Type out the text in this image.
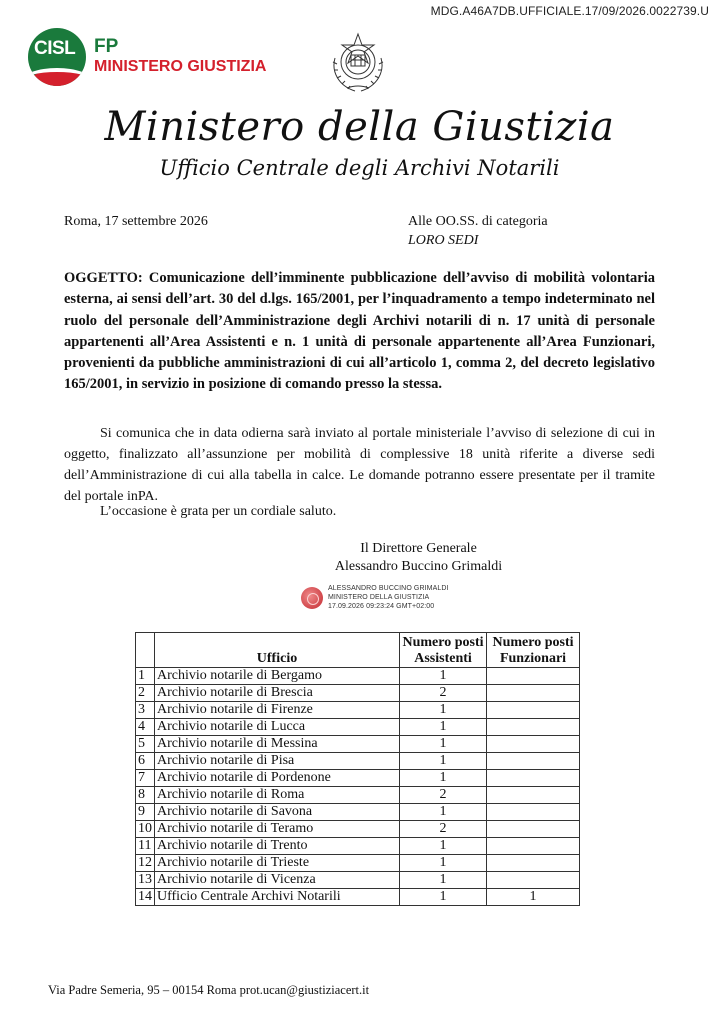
MDG.A46A7DB.UFFICIALE.17/09/2026.0022739.U
CISL FP
MINISTERO GIUSTIZIA
Ministero della Giustizia
Ufficio Centrale degli Archivi Notarili
Roma, 17 settembre 2026	Alle OO.SS. di categoria
LORO SEDI
OGGETTO: Comunicazione dell’imminente pubblicazione dell’avviso di mobilità volontaria esterna, ai sensi dell’art. 30 del d.lgs. 165/2001, per l’inquadramento a tempo indeterminato nel ruolo del personale dell’Amministrazione degli Archivi notarili di n. 17 unità di personale appartenenti all’Area Assistenti e n. 1 unità di personale appartenente all’Area Funzionari, provenienti da pubbliche amministrazioni di cui all’articolo 1, comma 2, del decreto legislativo 165/2001, in servizio in posizione di comando presso la stessa.
Si comunica che in data odierna sarà inviato al portale ministeriale l’avviso di selezione di cui in oggetto, finalizzato all’assunzione per mobilità di complessive 18 unità riferite a diverse sedi dell’Amministrazione di cui alla tabella in calce. Le domande potranno essere presentate per il tramite del portale inPA.
L’occasione è grata per un cordiale saluto.
Il Direttore Generale
Alessandro Buccino Grimaldi
ALESSANDRO BUCCINO GRIMALDI
MINISTERO DELLA GIUSTIZIA
17.09.2026 09:23:24 GMT+02:00
	Ufficio	Numero posti Assistenti	Numero posti Funzionari
1	Archivio notarile di Bergamo	1	
2	Archivio notarile di Brescia	2	
3	Archivio notarile di Firenze	1	
4	Archivio notarile di Lucca	1	
5	Archivio notarile di Messina	1	
6	Archivio notarile di Pisa	1	
7	Archivio notarile di Pordenone	1	
8	Archivio notarile di Roma	2	
9	Archivio notarile di Savona	1	
10	Archivio notarile di Teramo	2	
11	Archivio notarile di Trento	1	
12	Archivio notarile di Trieste	1	
13	Archivio notarile di Vicenza	1	
14	Ufficio Centrale Archivi Notarili	1	1
Via Padre Semeria, 95 – 00154 Roma prot.ucan@giustiziacert.it
